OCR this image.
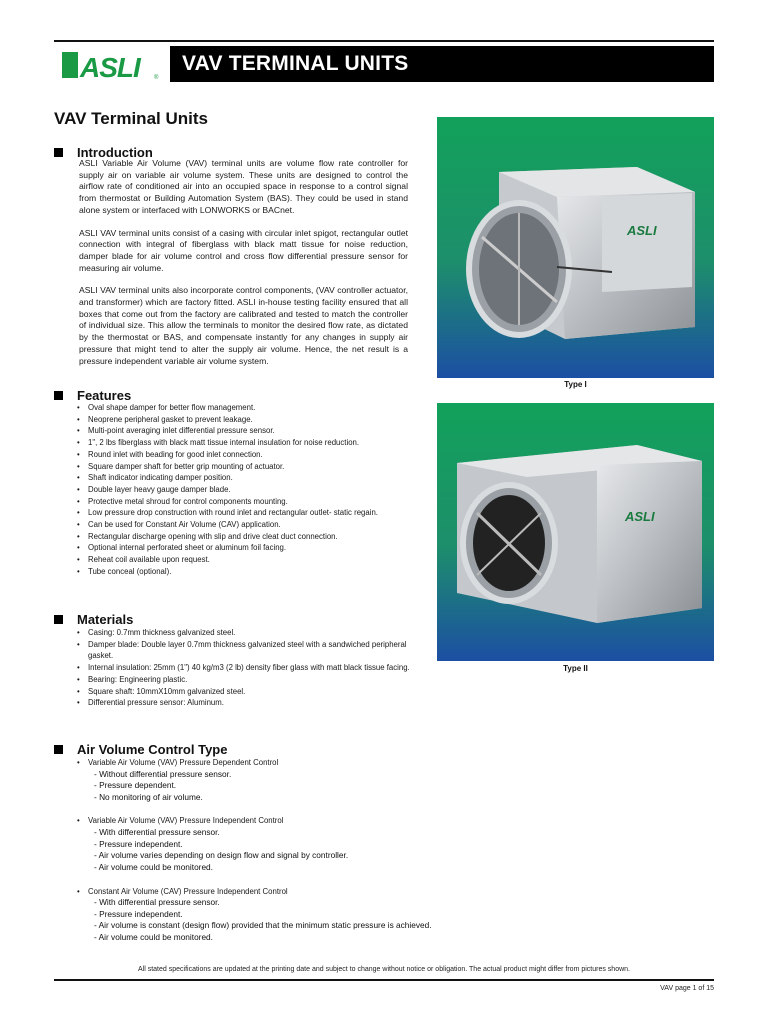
ASLI	®
VAV TERMINAL UNITS
VAV Terminal Units
Introduction

ASLI Variable Air Volume (VAV) terminal units are volume flow rate controller for supply air on variable air volume system. These units are designed to control the airflow rate of conditioned air into an occupied space in response to a control signal from thermostat or Building Automation System (BAS). They could be used in stand alone system or interfaced with LONWORKS or BACnet.

ASLI VAV terminal units consist of a casing with circular inlet spigot, rectangular outlet connection with integral of fiberglass with black matt tissue for noise reduction, damper blade for air volume control and cross flow differential pressure sensor for measuring air volume.

ASLI VAV terminal units also incorporate control components, (VAV controller actuator, and transformer) which are factory fitted. ASLI in-house testing facility ensured that all boxes that come out from the factory are calibrated and tested to match the controller of individual size. This allow the terminals to monitor the desired flow rate, as dictated by the thermostat or BAS, and compensate instantly for any changes in supply air pressure that might tend to alter the supply air volume. Hence, the net result is a pressure independent variable air volume system.

Features
• Oval shape damper for better flow management.
• Neoprene peripheral gasket to prevent leakage.
• Multi-point averaging inlet differential pressure sensor.
• 1", 2 lbs fiberglass with black matt tissue internal insulation for noise reduction.
• Round inlet with beading for good inlet connection.
• Square damper shaft for better grip mounting of actuator.
• Shaft indicator indicating damper position.
• Double layer heavy gauge damper blade.
• Protective metal shroud for control components mounting.
• Low pressure drop construction with round inlet and rectangular outlet- static regain.
• Can be used for Constant Air Volume (CAV) application.
• Rectangular discharge opening with slip and drive cleat duct connection.
• Optional internal perforated sheet or aluminum foil facing.
• Reheat coil available upon request.
• Tube conceal (optional).
Materials
• Casing: 0.7mm thickness galvanized steel.
• Damper blade: Double layer 0.7mm thickness galvanized steel with a sandwiched peripheral gasket.
• Internal insulation: 25mm (1") 40 kg/m3 (2 lb) density fiber glass with matt black tissue facing.
• Bearing: Engineering plastic.
• Square shaft: 10mmX10mm galvanized steel.
• Differential pressure sensor: Aluminum.
Air Volume Control Type
• Variable Air Volume (VAV) Pressure Dependent Control
- Without differential pressure sensor.
- Pressure dependent.
- No monitoring of air volume.
• Variable Air Volume (VAV) Pressure Independent Control
- With differential pressure sensor.
- Pressure independent.
- Air volume varies depending on design flow and signal by controller.
- Air volume could be monitored.
• Constant Air Volume (CAV) Pressure Independent Control
- With differential pressure sensor.
- Pressure independent.
- Air volume is constant (design flow) provided that the minimum static pressure is achieved.
- Air volume could be monitored.
ASLI
Type I
ASLI
Type II
All stated specifications are updated at the printing date and subject to change without notice or obligation. The actual product might differ from pictures shown.
VAV page 1 of 15
